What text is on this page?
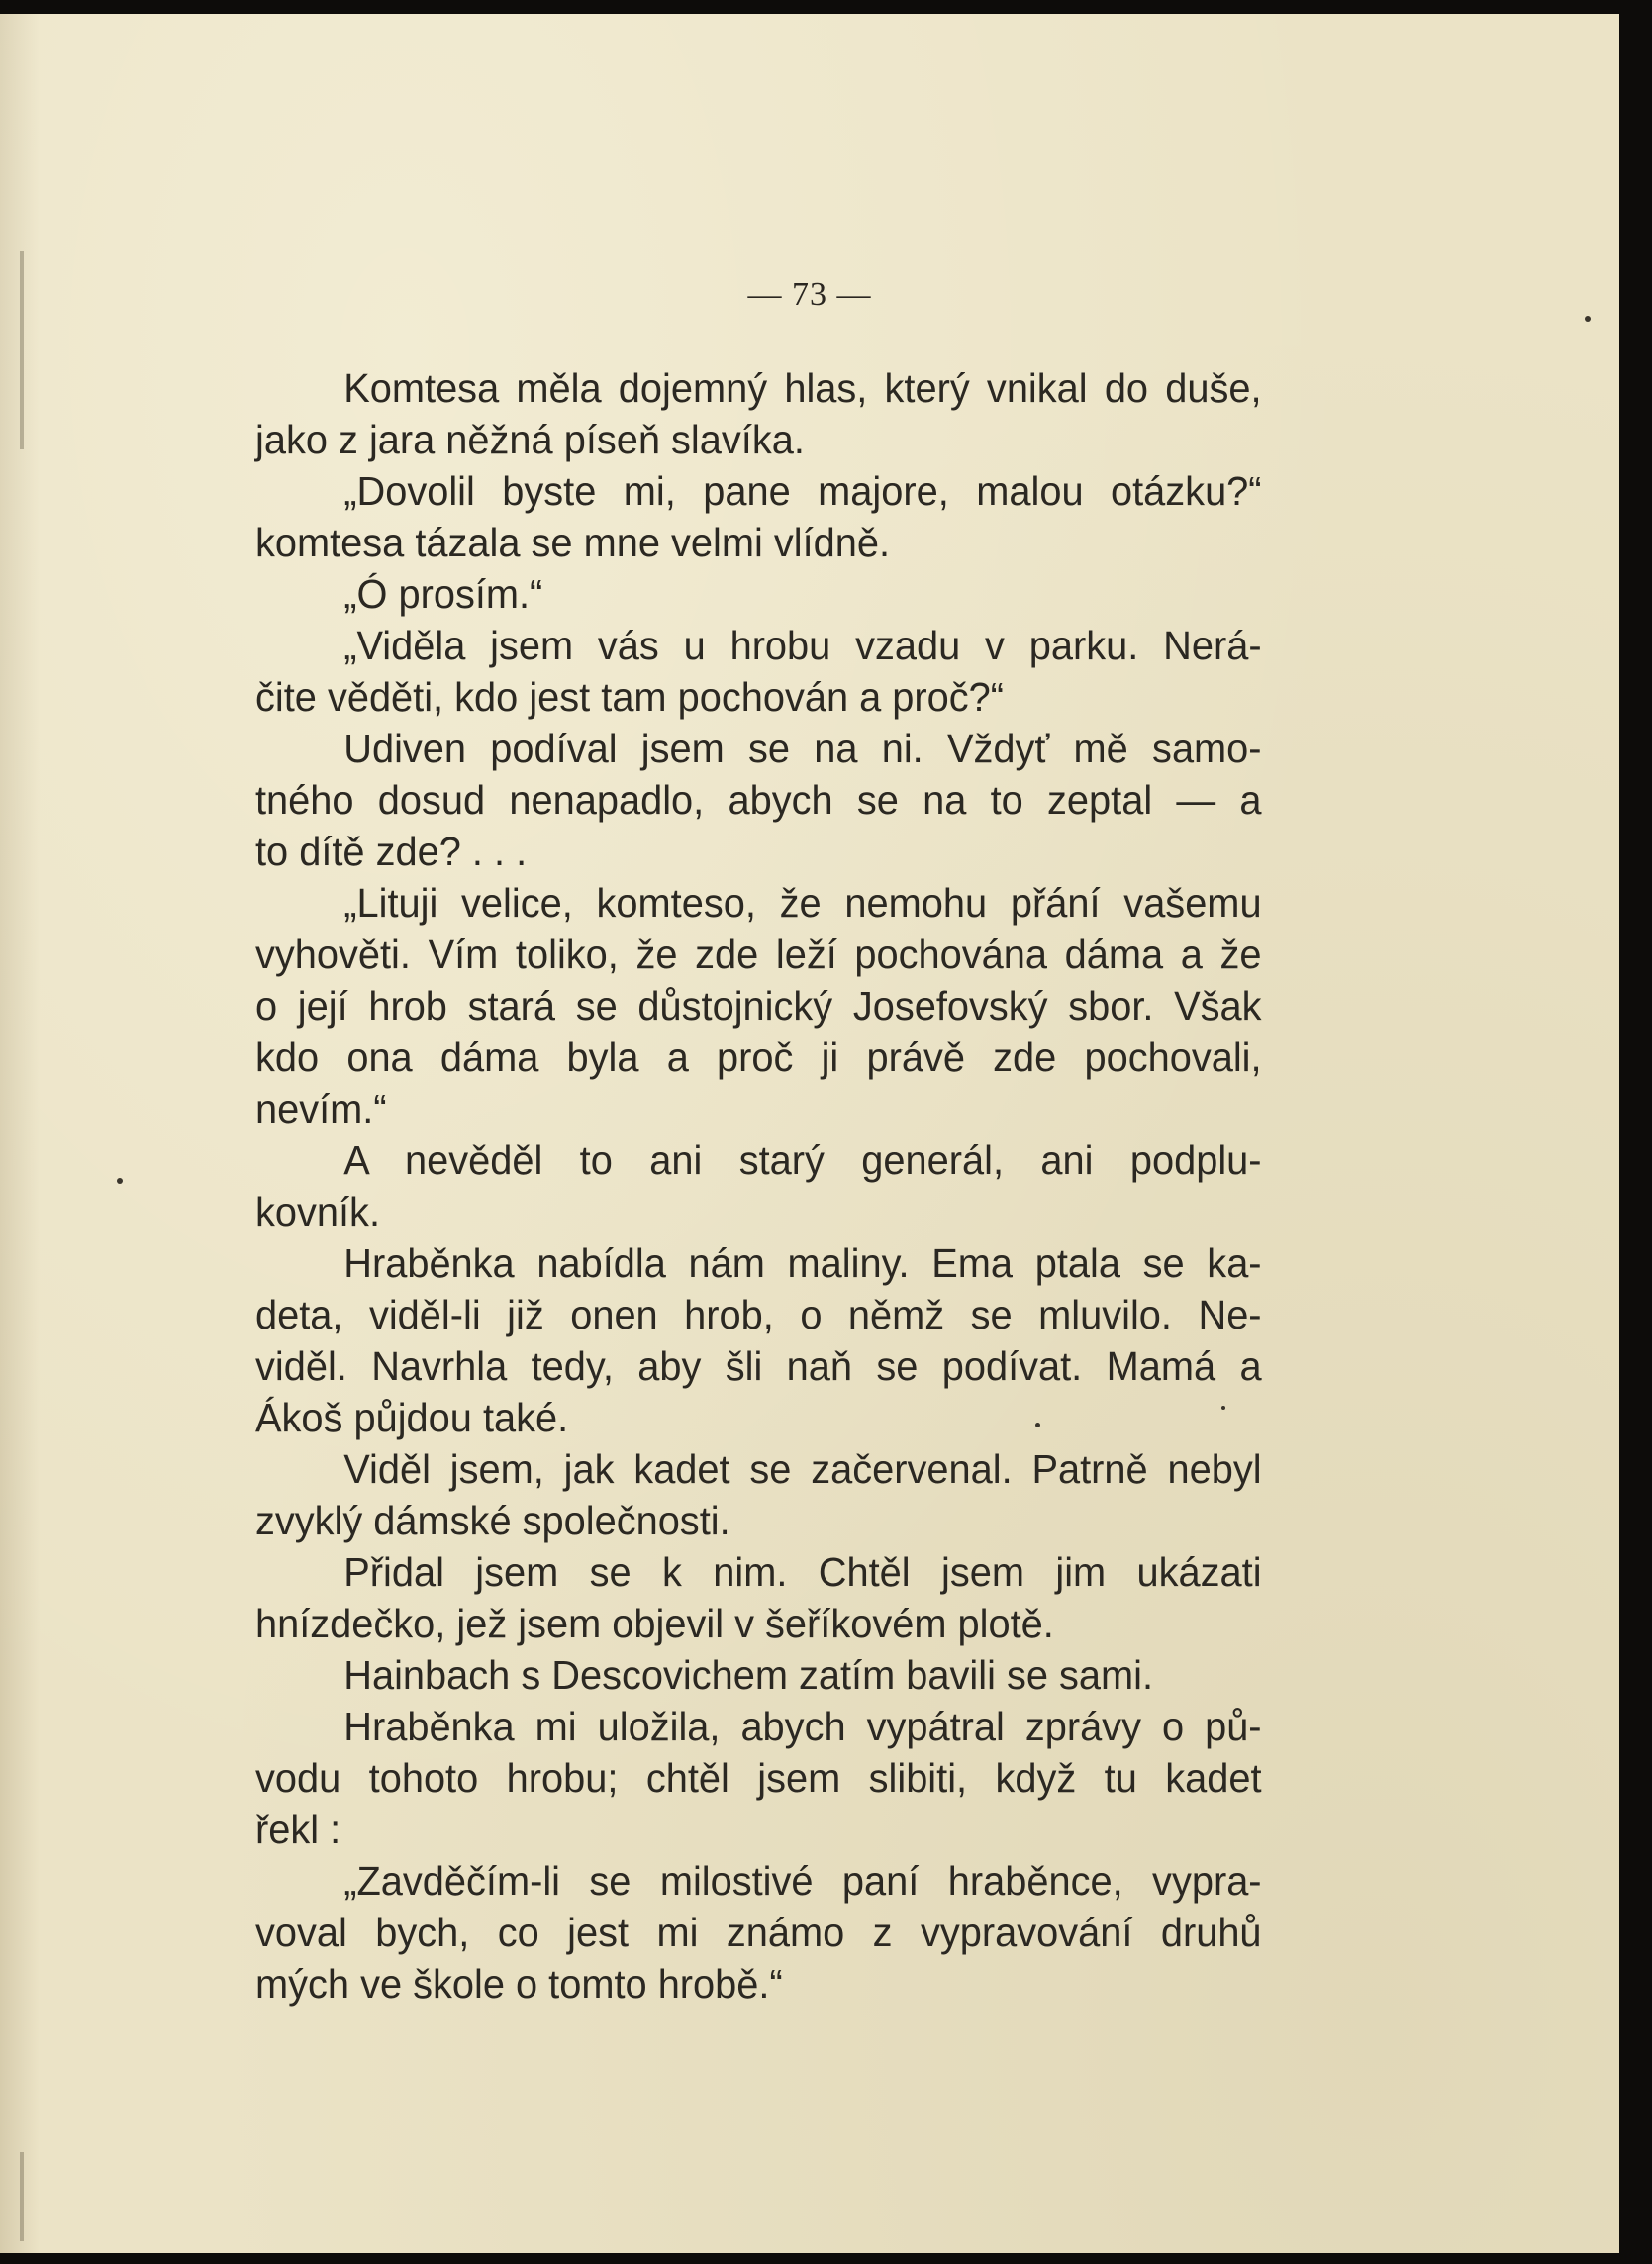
— 73 —
Komtesa měla dojemný hlas, který vnikal do duše,
jako z jara něžná píseň slavíka.
„Dovolil byste mi, pane majore, malou otázku?“
komtesa tázala se mne velmi vlídně.
„Ó prosím.“
„Viděla jsem vás u hrobu vzadu v parku. Nerá-
čite věděti, kdo jest tam pochován a proč?“
Udiven podíval jsem se na ni. Vždyť mě samo-
tného dosud nenapadlo, abych se na to zeptal — a
to dítě zde? . . .
„Lituji velice, komteso, že nemohu přání vašemu
vyhověti. Vím toliko, že zde leží pochována dáma a že
o její hrob stará se důstojnický Josefovský sbor. Však
kdo ona dáma byla a proč ji právě zde pochovali,
nevím.“
A nevěděl to ani starý generál, ani podplu-
kovník.
Hraběnka nabídla nám maliny. Ema ptala se ka-
deta, viděl-li již onen hrob, o němž se mluvilo. Ne-
viděl. Navrhla tedy, aby šli naň se podívat. Mamá a
Ákoš půjdou také.
Viděl jsem, jak kadet se začervenal. Patrně nebyl
zvyklý dámské společnosti.
Přidal jsem se k nim. Chtěl jsem jim ukázati
hnízdečko, jež jsem objevil v šeříkovém plotě.
Hainbach s Descovichem zatím bavili se sami.
Hraběnka mi uložila, abych vypátral zprávy o pů-
vodu tohoto hrobu; chtěl jsem slibiti, když tu kadet
řekl :
„Zavděčím-li se milostivé paní hraběnce, vypra-
voval bych, co jest mi známo z vypravování druhů
mých ve škole o tomto hrobě.“
